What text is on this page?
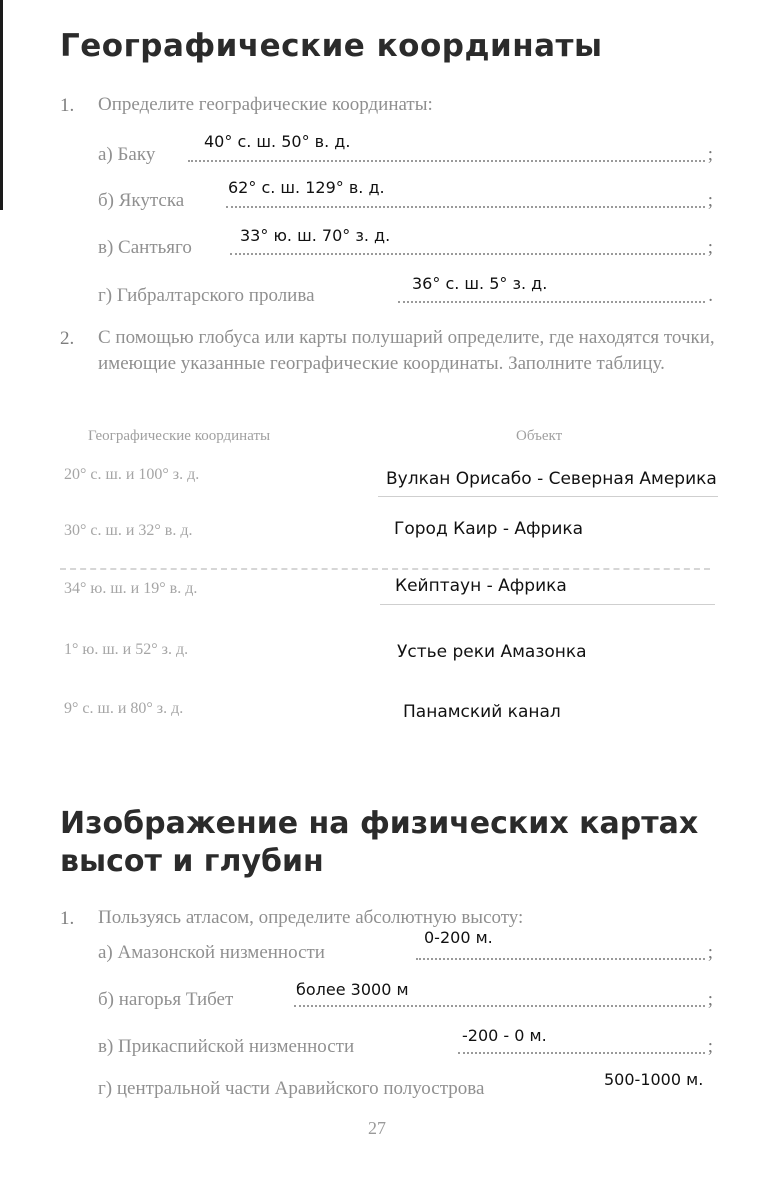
Географические координаты
1. Определите географические координаты:
а) Баку	;
40° с. ш. 50° в. д.
б) Якутска	;
62° с. ш. 129° в. д.
в) Сантьяго	;
33° ю. ш. 70° з. д.
г) Гибралтарского пролива	.
36° с. ш. 5° з. д.
2. С помощью глобуса или карты полушарий определите, где находятся точки, имеющие указанные географические координаты. Заполните таблицу.
Географические координаты	Объект
20° с. ш. и 100° з. д.	Вулкан Орисабо - Северная Америка
30° с. ш. и 32° в. д.	Город Каир - Африка
34° ю. ш. и 19° в. д.	Кейптаун - Африка
1° ю. ш. и 52° з. д.	Устье реки Амазонка
9° с. ш. и 80° з. д.	Панамский канал
Изображение на физических картах высот и глубин
1. Пользуясь атласом, определите абсолютную высоту:
а) Амазонской низменности	;
0-200 м.
б) нагорья Тибет	;
более 3000 м
в) Прикаспийской низменности	;
-200 - 0 м.
г) центральной части Аравийского полуострова	500-1000 м.
27
